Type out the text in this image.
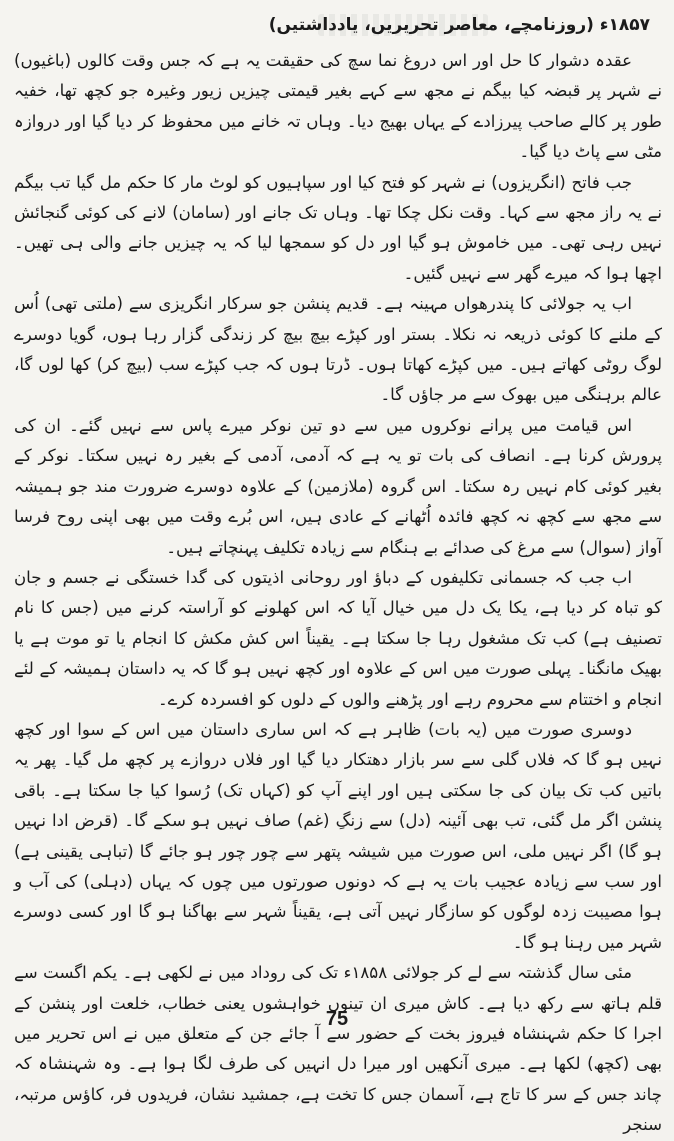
۱۸۵۷ء (روزنامچے، معاصر تحریریں، یادداشتیں)

عقدہ دشوار کا حل اور اس دروغ نما سچ کی حقیقت یہ ہے کہ جس وقت کالوں (باغیوں) نے شہر پر قبضہ کیا بیگم نے مجھ سے کہے بغیر قیمتی چیزیں زیور وغیرہ جو کچھ تھا، خفیہ طور پر کالے صاحب پیرزادے کے یہاں بھیج دیا۔ وہاں تہ خانے میں محفوظ کر دیا گیا اور دروازہ مٹی سے پاٹ دیا گیا۔

جب فاتح (انگریزوں) نے شہر کو فتح کیا اور سپاہیوں کو لوٹ مار کا حکم مل گیا تب بیگم نے یہ راز مجھ سے کہا۔ وقت نکل چکا تھا۔ وہاں تک جانے اور (سامان) لانے کی کوئی گنجائش نہیں رہی تھی۔ میں خاموش ہو گیا اور دل کو سمجھا لیا کہ یہ چیزیں جانے والی ہی تھیں۔ اچھا ہوا کہ میرے گھر سے نہیں گئیں۔

اب یہ جولائی کا پندرھواں مہینہ ہے۔ قدیم پنشن جو سرکار انگریزی سے (ملتی تھی) اُس کے ملنے کا کوئی ذریعہ نہ نکلا۔ بستر اور کپڑے بیچ بیچ کر زندگی گزار رہا ہوں، گویا دوسرے لوگ روٹی کھاتے ہیں۔ میں کپڑے کھاتا ہوں۔ ڈرتا ہوں کہ جب کپڑے سب (بیچ کر) کھا لوں گا، عالم برہنگی میں بھوک سے مر جاؤں گا۔

اس قیامت میں پرانے نوکروں میں سے دو تین نوکر میرے پاس سے نہیں گئے۔ ان کی پرورش کرنا ہے۔ انصاف کی بات تو یہ ہے کہ آدمی، آدمی کے بغیر رہ نہیں سکتا۔ نوکر کے بغیر کوئی کام نہیں رہ سکتا۔ اس گروہ (ملازمین) کے علاوہ دوسرے ضرورت مند جو ہمیشہ سے مجھ سے کچھ نہ کچھ فائدہ اُٹھانے کے عادی ہیں، اس بُرے وقت میں بھی اپنی روح فرسا آواز (سوال) سے مرغ کی صدائے بے ہنگام سے زیادہ تکلیف پہنچاتے ہیں۔

اب جب کہ جسمانی تکلیفوں کے دباؤ اور روحانی اذیتوں کی گدا خستگی نے جسم و جان کو تباہ کر دیا ہے، یکا یک دل میں خیال آیا کہ اس کھلونے کو آراستہ کرنے میں (جس کا نام تصنیف ہے) کب تک مشغول رہا جا سکتا ہے۔ یقیناً اس کش مکش کا انجام یا تو موت ہے یا بھیک مانگنا۔ پہلی صورت میں اس کے علاوہ اور کچھ نہیں ہو گا کہ یہ داستان ہمیشہ کے لئے انجام و اختتام سے محروم رہے اور پڑھنے والوں کے دلوں کو افسردہ کرے۔

دوسری صورت میں (یہ بات) ظاہر ہے کہ اس ساری داستان میں اس کے سوا اور کچھ نہیں ہو گا کہ فلاں گلی سے سر بازار دھتکار دیا گیا اور فلاں دروازے پر کچھ مل گیا۔ پھر یہ باتیں کب تک بیان کی جا سکتی ہیں اور اپنے آپ کو (کہاں تک) رُسوا کیا جا سکتا ہے۔ باقی پنشن اگر مل گئی، تب بھی آئینہ (دل) سے زنگِ (غم) صاف نہیں ہو سکے گا۔ (قرض ادا نہیں ہو گا) اگر نہیں ملی، اس صورت میں شیشہ پتھر سے چور چور ہو جائے گا (تباہی یقینی ہے) اور سب سے زیادہ عجیب بات یہ ہے کہ دونوں صورتوں میں چوں کہ یہاں (دہلی) کی آب و ہوا مصیبت زدہ لوگوں کو سازگار نہیں آتی ہے، یقیناً شہر سے بھاگنا ہو گا اور کسی دوسرے شہر میں رہنا ہو گا۔

مئی سال گذشتہ سے لے کر جولائی ۱۸۵۸ء تک کی روداد میں نے لکھی ہے۔ یکم اگست سے قلم ہاتھ سے رکھ دیا ہے۔ کاش میری ان تینوں خواہشوں یعنی خطاب، خلعت اور پنشن کے اجرا کا حکم شہنشاہ فیروز بخت کے حضور سے آ جائے جن کے متعلق میں نے اس تحریر میں بھی (کچھ) لکھا ہے۔ میری آنکھیں اور میرا دل انہیں کی طرف لگا ہوا ہے۔ وہ شہنشاہ کہ چاند جس کے سر کا تاج ہے، آسمان جس کا تخت ہے، جمشید نشان، فریدوں فر، کاؤس مرتبہ، سنجر

75
